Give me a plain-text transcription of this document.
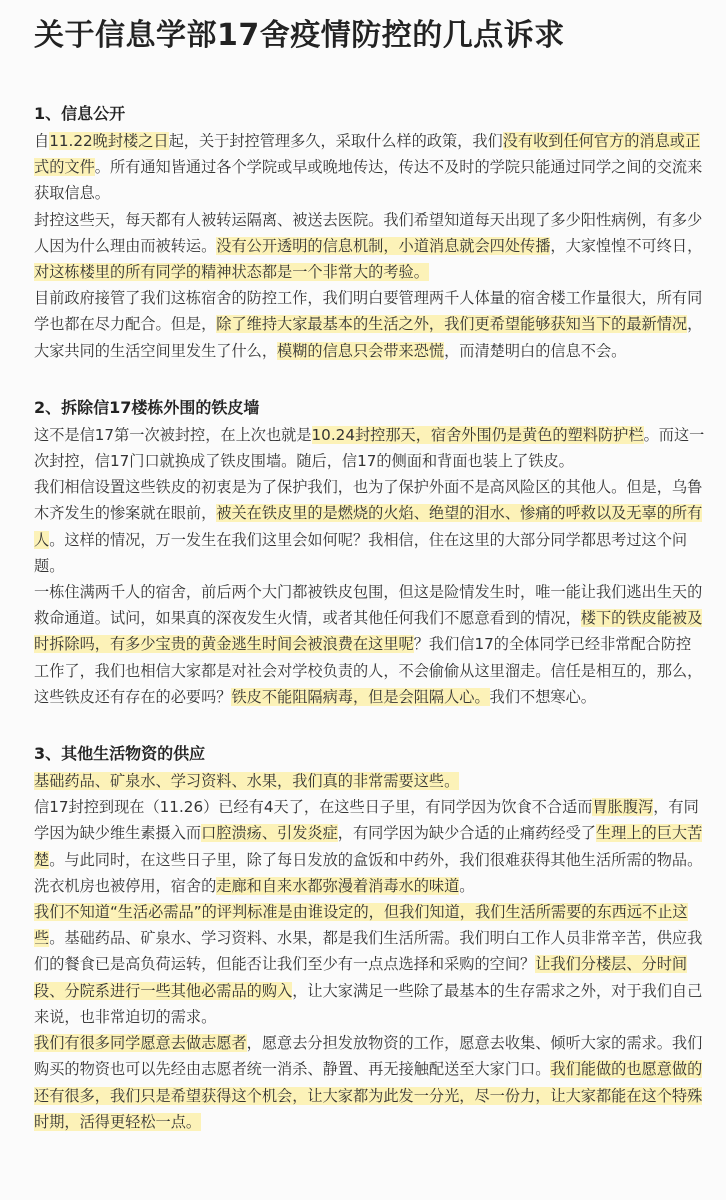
关于信息学部17舍疫情防控的几点诉求
1、信息公开

自11.22晚封楼之日起，关于封控管理多久，采取什么样的政策，我们没有收到任何官方的消息或正式的文件。所有通知皆通过各个学院或早或晚地传达，传达不及时的学院只能通过同学之间的交流来获取信息。

封控这些天，每天都有人被转运隔离、被送去医院。我们希望知道每天出现了多少阳性病例，有多少人因为什么理由而被转运。没有公开透明的信息机制，小道消息就会四处传播，大家惶惶不可终日，对这栋楼里的所有同学的精神状态都是一个非常大的考验。

目前政府接管了我们这栋宿舍的防控工作，我们明白要管理两千人体量的宿舍楼工作量很大，所有同学也都在尽力配合。但是，除了维持大家最基本的生活之外，我们更希望能够获知当下的最新情况，大家共同的生活空间里发生了什么，模糊的信息只会带来恐慌，而清楚明白的信息不会。

2、拆除信17楼栋外围的铁皮墙

这不是信17第一次被封控，在上次也就是10.24封控那天，宿舍外围仍是黄色的塑料防护栏。而这一次封控，信17门口就换成了铁皮围墙。随后，信17的侧面和背面也装上了铁皮。

我们相信设置这些铁皮的初衷是为了保护我们，也为了保护外面不是高风险区的其他人。但是，乌鲁木齐发生的惨案就在眼前，被关在铁皮里的是燃烧的火焰、绝望的泪水、惨痛的呼救以及无辜的所有人。这样的情况，万一发生在我们这里会如何呢？我相信，住在这里的大部分同学都思考过这个问题。

一栋住满两千人的宿舍，前后两个大门都被铁皮包围，但这是险情发生时，唯一能让我们逃出生天的救命通道。试问，如果真的深夜发生火情，或者其他任何我们不愿意看到的情况，楼下的铁皮能被及时拆除吗，有多少宝贵的黄金逃生时间会被浪费在这里呢？我们信17的全体同学已经非常配合防控工作了，我们也相信大家都是对社会对学校负责的人，不会偷偷从这里溜走。信任是相互的，那么，这些铁皮还有存在的必要吗？铁皮不能阻隔病毒，但是会阻隔人心。我们不想寒心。

3、其他生活物资的供应

基础药品、矿泉水、学习资料、水果，我们真的非常需要这些。

信17封控到现在（11.26）已经有4天了，在这些日子里，有同学因为饮食不合适而胃胀腹泻，有同学因为缺少维生素摄入而口腔溃疡、引发炎症，有同学因为缺少合适的止痛药经受了生理上的巨大苦楚。与此同时，在这些日子里，除了每日发放的盒饭和中药外，我们很难获得其他生活所需的物品。洗衣机房也被停用，宿舍的走廊和自来水都弥漫着消毒水的味道。

我们不知道“生活必需品”的评判标准是由谁设定的，但我们知道，我们生活所需要的东西远不止这些。基础药品、矿泉水、学习资料、水果，都是我们生活所需。我们明白工作人员非常辛苦，供应我们的餐食已是高负荷运转，但能否让我们至少有一点点选择和采购的空间？让我们分楼层、分时间段、分院系进行一些其他必需品的购入，让大家满足一些除了最基本的生存需求之外，对于我们自己来说，也非常迫切的需求。

我们有很多同学愿意去做志愿者，愿意去分担发放物资的工作，愿意去收集、倾听大家的需求。我们购买的物资也可以先经由志愿者统一消杀、静置、再无接触配送至大家门口。我们能做的也愿意做的还有很多，我们只是希望获得这个机会，让大家都为此发一分光，尽一份力，让大家都能在这个特殊时期，活得更轻松一点。
